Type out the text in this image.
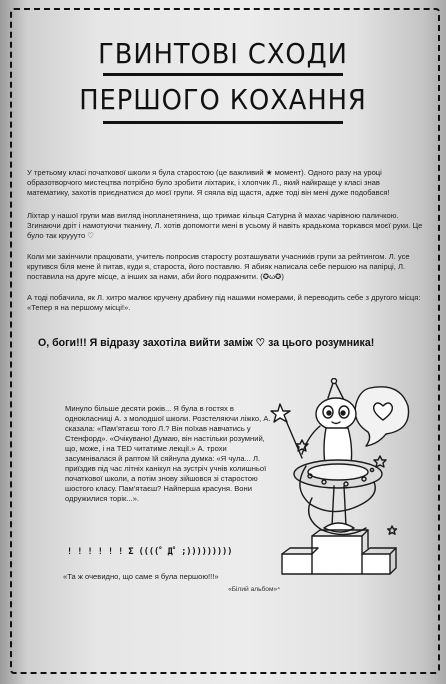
ГВИНТОВІ СХОДИ
ПЕРШОГО КОХАННЯ

У третьому класі початкової школи я була старостою (це важливий ★ момент). Одного разу на уроці образотворчого мистецтва потрібно було зробити ліхтарик, і хлопчик Л., який найкраще у класі знав математику, захотів приєднатися до моєї групи. Я сяяла від щастя, адже тоді він мені дуже подобався!

Ліхтар у нашої групи мав вигляд інопланетянина, що тримає кільця Сатурна й махає чарівною паличкою. Згинаючи дріт і намотуючи тканину, Л. хотів допомогти мені в усьому й навіть крадькома торкався моєї руки. Це було так круууто ♡

Коли ми закінчили працювати, учитель попросив старосту розташувати учасників групи за рейтингом. Л. усе крутився біля мене й питав, куди я, староста, його поставлю. Я абияк написала себе першою на папірці, Л. поставила на друге місце, а інших за нами, аби його подражнити. (✪ω✪)

А тоді побачила, як Л. хитро малює кручену драбину під нашими номерами, й переводить себе з другого місця: «Тепер я на першому місці!».

О, боги!!! Я відразу захотіла вийти заміж ♡ за цього розумника!

Минуло більше десяти років... Я була в гостях в однокласниці А. з молодшої школи. Розстеляючи ліжко, А. сказала: «Пам’ятаєш того Л.? Він поїхав навчатись у Стенфорд». «Очікувано! Думаю, він настільки розумний, що, може, і на TED читатиме лекції.» А. трохи засумнівалася й раптом їй сяйнула думка: «Я чула... Л. приїздив під час літніх канікул на зустріч учнів колишньої початкової школи, а потім знову зійшовся зі старостою шостого класу. Пам’ятаєш? Найперша красуня. Вони одружилися торік...».

! ! ! ! ! ! Σ ((((゜Д゜;)))))))))

«Та ж очевидно, що саме я була першою!!!»

«Білий альбом»⁴
